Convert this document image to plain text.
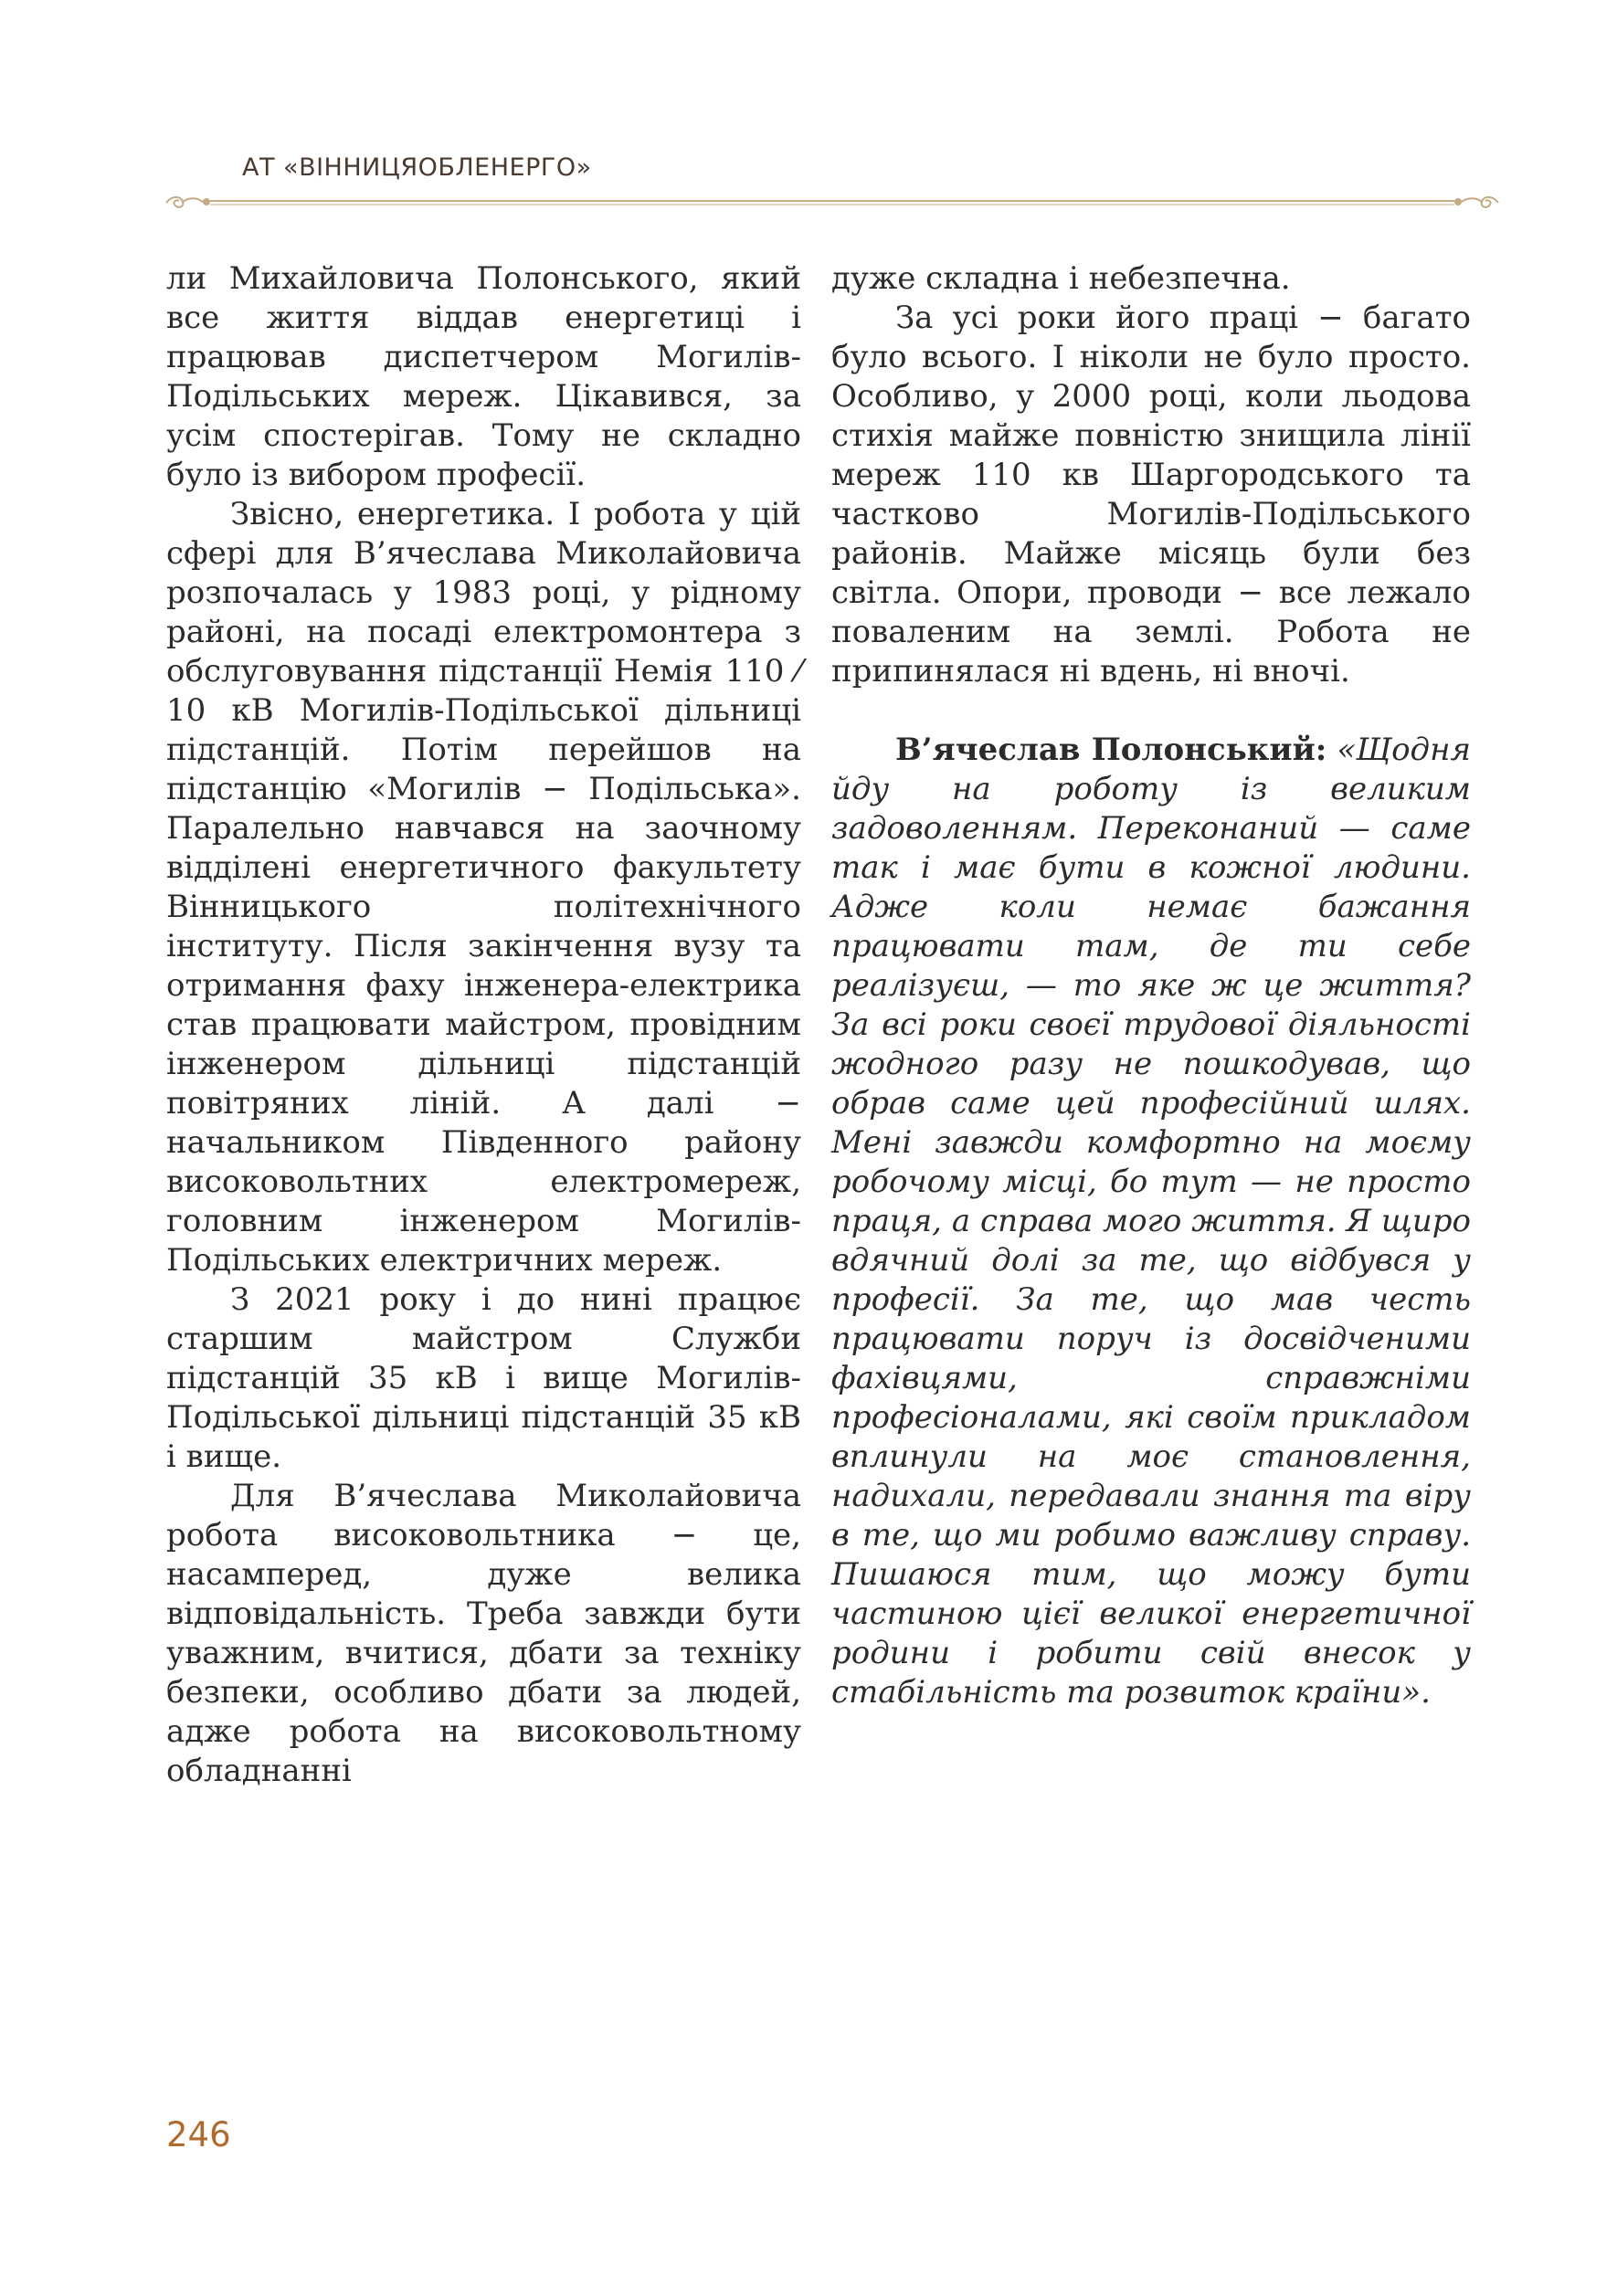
АТ «ВІННИЦЯОБЛЕНЕРГО»

ли Михайловича Полонського, який все життя віддав енергетиці і працював диспетчером Могилів-Подільських мереж. Цікавився, за усім спостерігав. Тому не складно було із вибором професії.

Звісно, енергетика. І робота у цій сфері для В’ячеслава Миколайовича розпочалась у 1983 році, у рідному районі, на посаді електромонтера з обслуговування підстанції Немія 110 ⁄ 10 кВ Могилів-Подільської дільниці підстанцій. Потім перейшов на підстанцію «Могилів − Подільська». Паралельно навчався на заочному відділені енергетичного факультету Вінницького політехнічного інституту. Після закінчення вузу та отримання фаху інженера-електрика став працювати майстром, провідним інженером дільниці підстанцій повітряних ліній. А далі − начальником Південного району високовольтних електромереж, головним інженером Могилів-Подільських електричних мереж.

З 2021 року і до нині працює старшим майстром Служби підстанцій 35 кВ і вище Могилів-Подільської дільниці підстанцій 35 кВ і вище.

Для В’ячеслава Миколайовича робота високовольтника − це, насамперед, дуже велика відповідальність. Треба завжди бути уважним, вчитися, дбати за техніку безпеки, особливо дбати за людей, адже робота на високовольтному обладнанні

дуже складна і небезпечна.

За усі роки його праці − багато було всього. І ніколи не було просто. Особливо, у 2000 році, коли льодова стихія майже повністю знищила лінії мереж 110 кв Шаргородського та частково Могилів-Подільського районів. Майже місяць були без світла. Опори, проводи − все лежало поваленим на землі. Робота не припинялася ні вдень, ні вночі.

В’ячеслав Полонський: «Щодня йду на роботу із великим задоволенням. Переконаний — саме так і має бути в кожної людини. Адже коли немає бажання працювати там, де ти себе реалізуєш, — то яке ж це життя? За всі роки своєї трудової діяльності жодного разу не пошкодував, що обрав саме цей професійний шлях. Мені завжди комфортно на моєму робочому місці, бо тут — не просто праця, а справа мого життя. Я щиро вдячний долі за те, що відбувся у професії. За те, що мав честь працювати поруч із досвідченими фахівцями, справжніми професіоналами, які своїм прикладом вплинули на моє становлення, надихали, передавали знання та віру в те, що ми робимо важливу справу. Пишаюся тим, що можу бути частиною цієї великої енергетичної родини і робити свій внесок у стабільність та розвиток країни».

246
